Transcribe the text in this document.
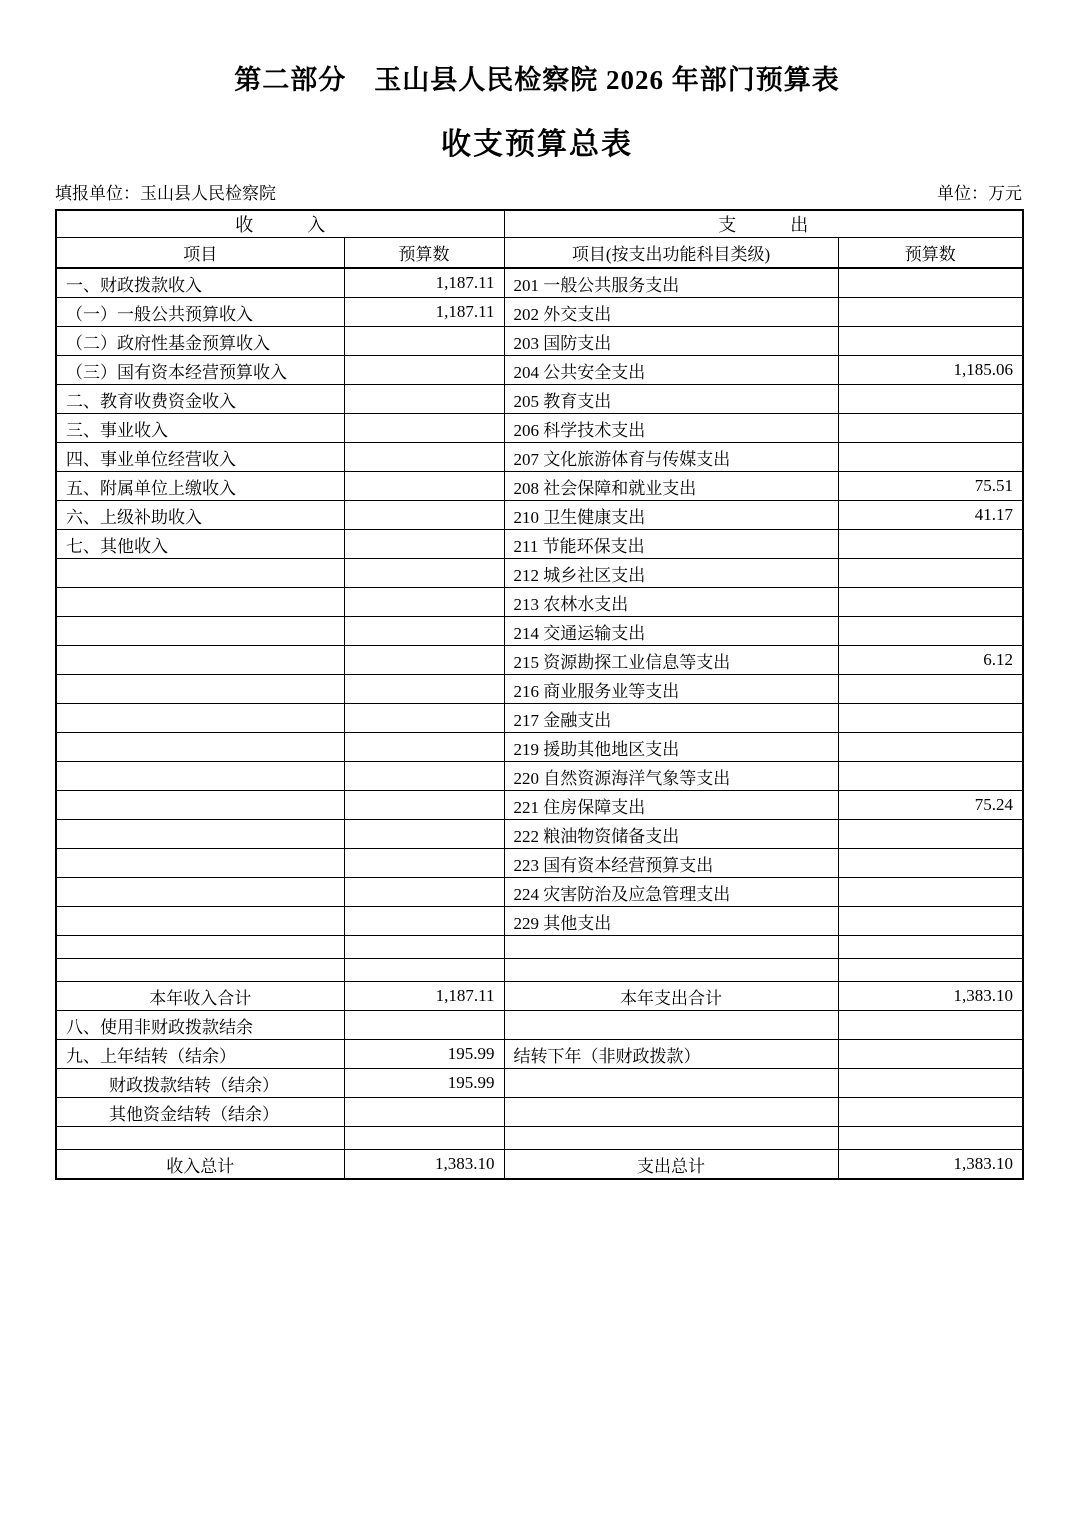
第二部分　玉山县人民检察院 2026 年部门预算表
收支预算总表
填报单位：玉山县人民检察院	单位：万元
收　　　入		支　　　出	
项目	预算数	项目(按支出功能科目类级)	预算数
一、财政拨款收入	1,187.11	201 一般公共服务支出	
（一）一般公共预算收入	1,187.11	202 外交支出	
（二）政府性基金预算收入		203 国防支出	
（三）国有资本经营预算收入		204 公共安全支出	1,185.06
二、教育收费资金收入		205 教育支出	
三、事业收入		206 科学技术支出	
四、事业单位经营收入		207 文化旅游体育与传媒支出	
五、附属单位上缴收入		208 社会保障和就业支出	75.51
六、上级补助收入		210 卫生健康支出	41.17
七、其他收入		211 节能环保支出	
		212 城乡社区支出	
		213 农林水支出	
		214 交通运输支出	
		215 资源勘探工业信息等支出	6.12
		216 商业服务业等支出	
		217 金融支出	
		219 援助其他地区支出	
		220 自然资源海洋气象等支出	
		221 住房保障支出	75.24
		222 粮油物资储备支出	
		223 国有资本经营预算支出	
		224 灾害防治及应急管理支出	
		229 其他支出	

本年收入合计	1,187.11	本年支出合计	1,383.10
八、使用非财政拨款结余			
九、上年结转（结余）	195.99	结转下年（非财政拨款）	
财政拨款结转（结余）	195.99		
其他资金结转（结余）			

收入总计	1,383.10	支出总计	1,383.10
